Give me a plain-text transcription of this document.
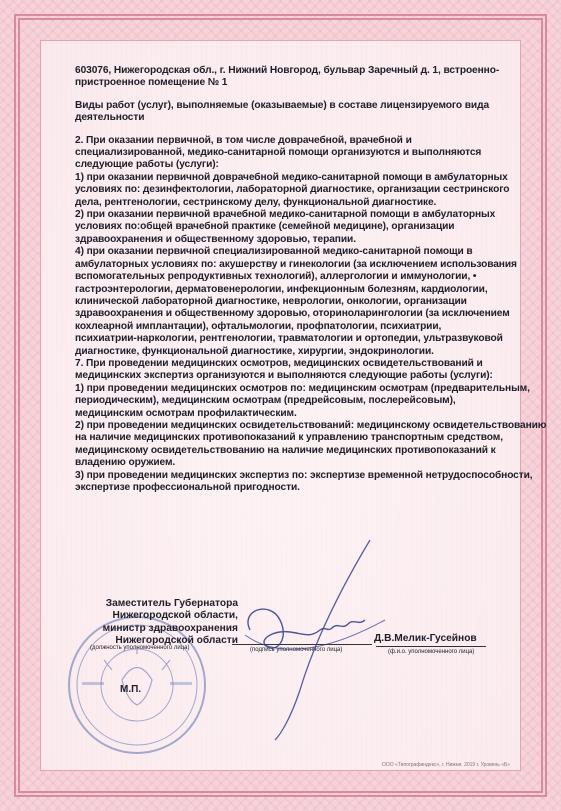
603076, Нижегородская обл., г. Нижний Новгород, бульвар Заречный д. 1, встроенно-пристроенное помещение № 1

Виды работ (услуг), выполняемые (оказываемые) в составе лицензируемого вида деятельности

2. При оказании первичной, в том числе доврачебной, врачебной и
специализированной, медико-санитарной помощи организуются и выполняются
следующие работы (услуги):
1) при оказании первичной доврачебной медико-санитарной помощи в амбулаторных
условиях по: дезинфектологии, лабораторной диагностике, организации сестринского
дела, рентгенологии, сестринскому делу, функциональной диагностике.
2) при оказании первичной врачебной медико-санитарной помощи в амбулаторных
условиях по:общей врачебной практике (семейной медицине), организации
здравоохранения и общественному здоровью, терапии.
4) при оказании первичной специализированной медико-санитарной помощи в
амбулаторных условиях по: акушерству и гинекологии (за исключением использования
вспомогательных репродуктивных технологий), аллергологии и иммунологии, •
гастроэнтерологии, дерматовенерологии, инфекционным болезням, кардиологии,
клинической лабораторной диагностике, неврологии, онкологии, организации
здравоохранения и общественному здоровью, оториноларингологии (за исключением
кохлеарной имплантации), офтальмологии, профпатологии, психиатрии,
психиатрии-наркологии, рентгенологии, травматологии и ортопедии, ультразвуковой
диагностике, функциональной диагностике, хирургии, эндокринологии.
7. При проведении медицинских осмотров, медицинских освидетельствований и
медицинских экспертиз организуются и выполняются следующие работы (услуги):
1) при проведении медицинских осмотров по: медицинским осмотрам (предварительным,
периодическим), медицинским осмотрам (предрейсовым, послерейсовым),
медицинским осмотрам профилактическим.
2) при проведении медицинских освидетельствований: медицинскому освидетельствованию
на наличие медицинских противопоказаний к управлению транспортным средством,
медицинскому освидетельствованию на наличие медицинских противопоказаний к
владению оружием.
3) при проведении медицинских экспертиз по: экспертизе временной нетрудоспособности,
экспертизе профессиональной пригодности.
Заместитель Губернатора
Нижегородской области,
министр здравоохранения
Нижегородской области
(должность уполномоченного лица)	(подпись уполномоченного лица)
Д.В.Мелик-Гусейнов
(ф.и.о. уполномоченного лица)
М.П.
ООО «Типографиндекс», г. Нижни. 2019 г. Уровень «Б»
